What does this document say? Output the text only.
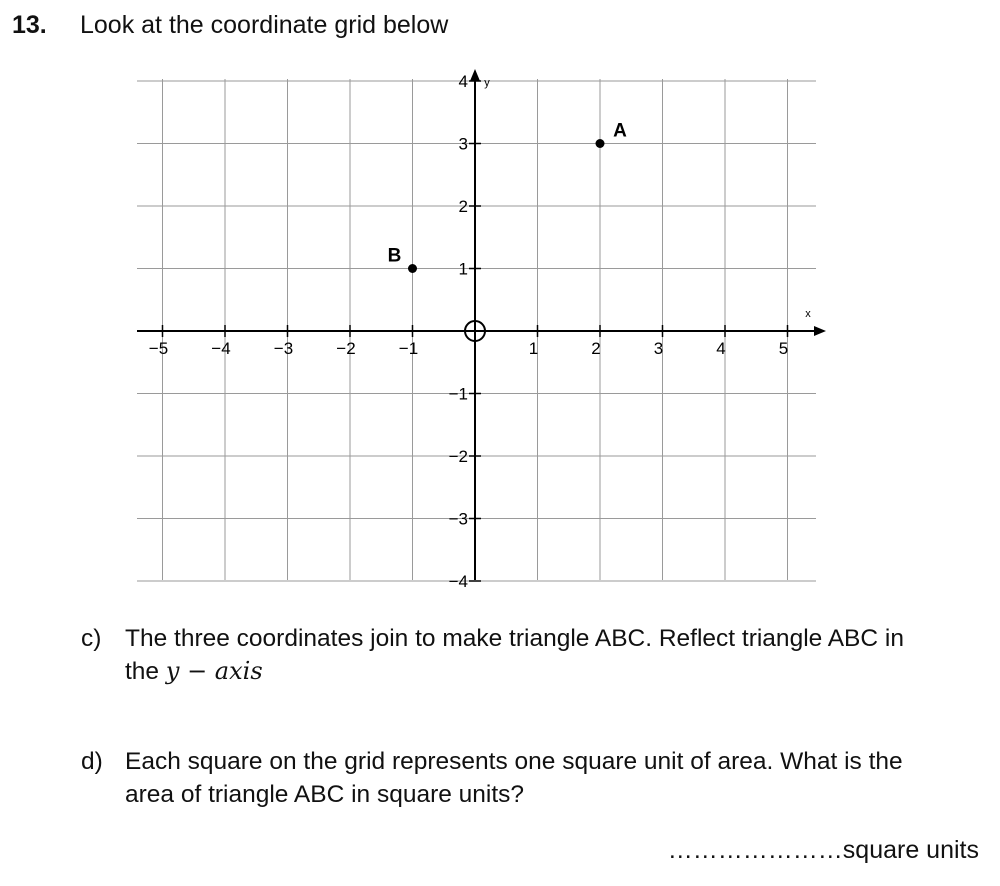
13. Look at the coordinate grid below
x
y
−5	−4	−3	−2	−1	1	2	3	4	5
4
3
2
1
−1
−2
−3
−4
A
B
c) The three coordinates join to make triangle ABC. Reflect triangle ABC in
the y − axis
d) Each square on the grid represents one square unit of area. What is the
area of triangle ABC in square units?
…………………square units
